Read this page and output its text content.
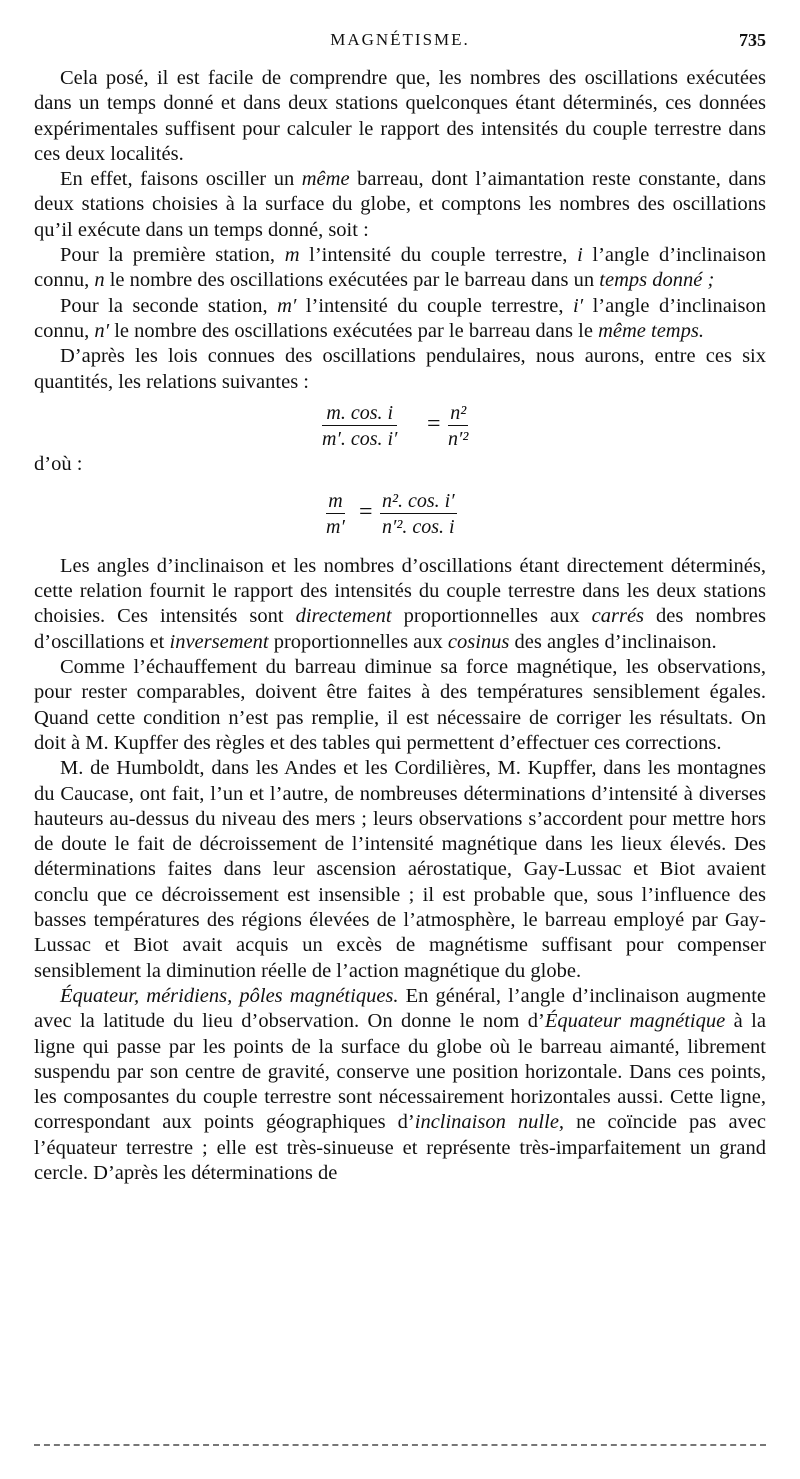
MAGNÉTISME.	735

Cela posé, il est facile de comprendre que, les nombres des oscillations exécutées dans un temps donné et dans deux stations quelconques étant déterminés, ces données expérimentales suffisent pour calculer le rapport des intensités du couple terrestre dans ces deux localités.

En effet, faisons osciller un même barreau, dont l’aimantation reste constante, dans deux stations choisies à la surface du globe, et comptons les nombres des oscillations qu’il exécute dans un temps donné, soit :

Pour la première station, m l’intensité du couple terrestre, i l’angle d’inclinaison connu, n le nombre des oscillations exécutées par le barreau dans un temps donné ;

Pour la seconde station, m′ l’intensité du couple terrestre, i′ l’angle d’inclinaison connu, n′ le nombre des oscillations exécutées par le barreau dans le même temps.

D’après les lois connues des oscillations pendulaires, nous aurons, entre ces six quantités, les relations suivantes :

$\frac{m. \cos. i}{m'. \cos. i'} = \frac{\text{n²}}{\text{n′²}}$
d’où :
$\frac{m}{m'} = \frac{\text{n². cos. i′}}{\text{n′². cos. i}}$

Les angles d’inclinaison et les nombres d’oscillations étant directement déterminés, cette relation fournit le rapport des intensités du couple terrestre dans les deux stations choisies. Ces intensités sont directement proportionnelles aux carrés des nombres d’oscillations et inversement proportionnelles aux cosinus des angles d’inclinaison.

Comme l’échauffement du barreau diminue sa force magnétique, les observations, pour rester comparables, doivent être faites à des températures sensiblement égales. Quand cette condition n’est pas remplie, il est nécessaire de corriger les résultats. On doit à M. Kupffer des règles et des tables qui permettent d’effectuer ces corrections.

M. de Humboldt, dans les Andes et les Cordilières, M. Kupffer, dans les montagnes du Caucase, ont fait, l’un et l’autre, de nombreuses déterminations d’intensité à diverses hauteurs au-dessus du niveau des mers ; leurs observations s’accordent pour mettre hors de doute le fait de décroissement de l’intensité magnétique dans les lieux élevés. Des déterminations faites dans leur ascension aérostatique, Gay-Lussac et Biot avaient conclu que ce décroissement est insensible ; il est probable que, sous l’influence des basses températures des régions élevées de l’atmosphère, le barreau employé par Gay-Lussac et Biot avait acquis un excès de magnétisme suffisant pour compenser sensiblement la diminution réelle de l’action magnétique du globe.

Équateur, méridiens, pôles magnétiques. En général, l’angle d’inclinaison augmente avec la latitude du lieu d’observation. On donne le nom d’Équateur magnétique à la ligne qui passe par les points de la surface du globe où le barreau aimanté, librement suspendu par son centre de gravité, conserve une position horizontale. Dans ces points, les composantes du couple terrestre sont nécessairement horizontales aussi. Cette ligne, correspondant aux points géographiques d’inclinaison nulle, ne coïncide pas avec l’équateur terrestre ; elle est très-sinueuse et représente très-imparfaitement un grand cercle. D’après les déterminations de
